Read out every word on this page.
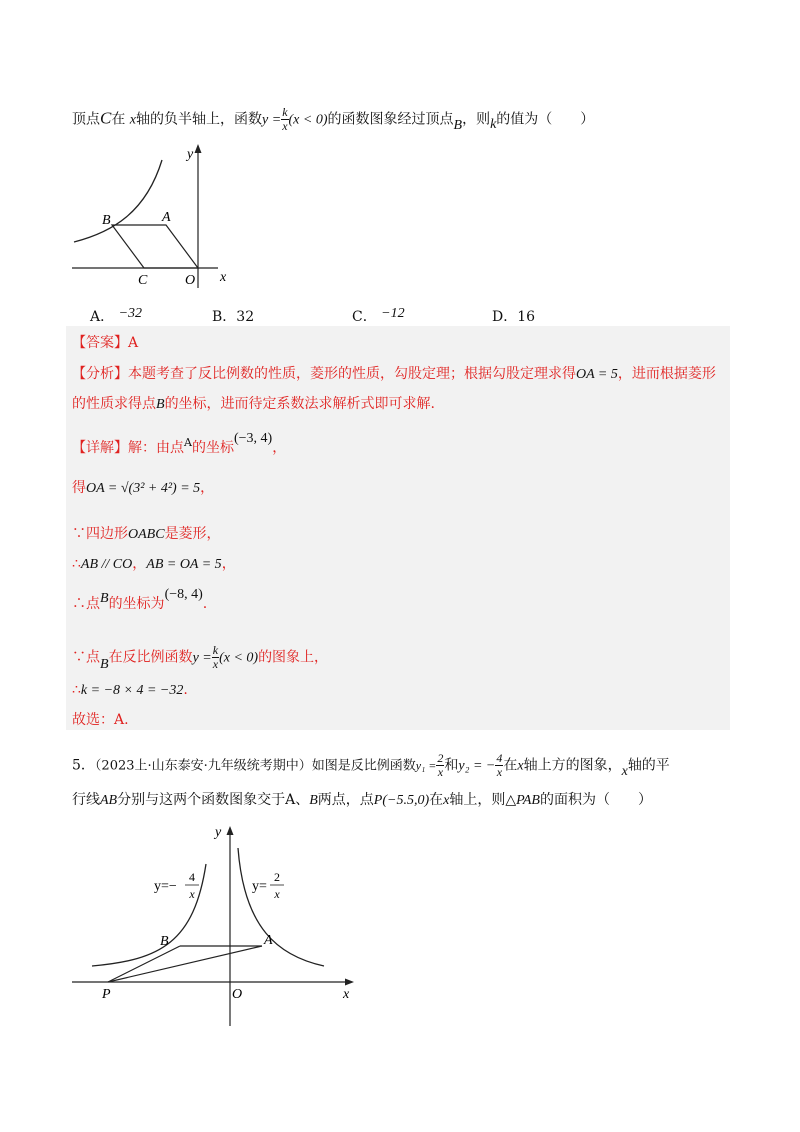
顶点C在 x轴的负半轴上，函数$y = \frac{k}{x} (x < 0)$的函数图象经过顶点B，则k的值为（　　）
x
y
B	A
C	O
A． −32	B．32	C． −12	D．16
【答案】A
【分析】本题考查了反比例数的性质，菱形的性质，勾股定理；根据勾股定理求得OA = 5，进而根据菱形
的性质求得点B的坐标，进而待定系数法求解析式即可求解.
【详解】解：由点$^A$的坐标(−3, 4)，
得OA = √(3² + 4²) = 5，
∵四边形OABC是菱形，
∴AB // CO，AB = OA = 5，
∴点B的坐标为(−8, 4).
∵点B在反比例函数$y = \frac{k}{x} (x < 0)$的图象上，
∴k = −8 × 4 = −32.
故选：A.
5．（2023上·山东泰安·九年级统考期中）如图是反比例函数$y_1 = \frac{2}{x}$ 和y₂ = − $\frac{4}{x}$ 在x轴上方的图象，x轴的平
行线AB分别与这两个函数图象交于A、B两点，点P(−5.5,0)在x轴上，则△PAB的面积为（　　）
y
x
O
P
B	A
y=−
4
x	y=
2
x
